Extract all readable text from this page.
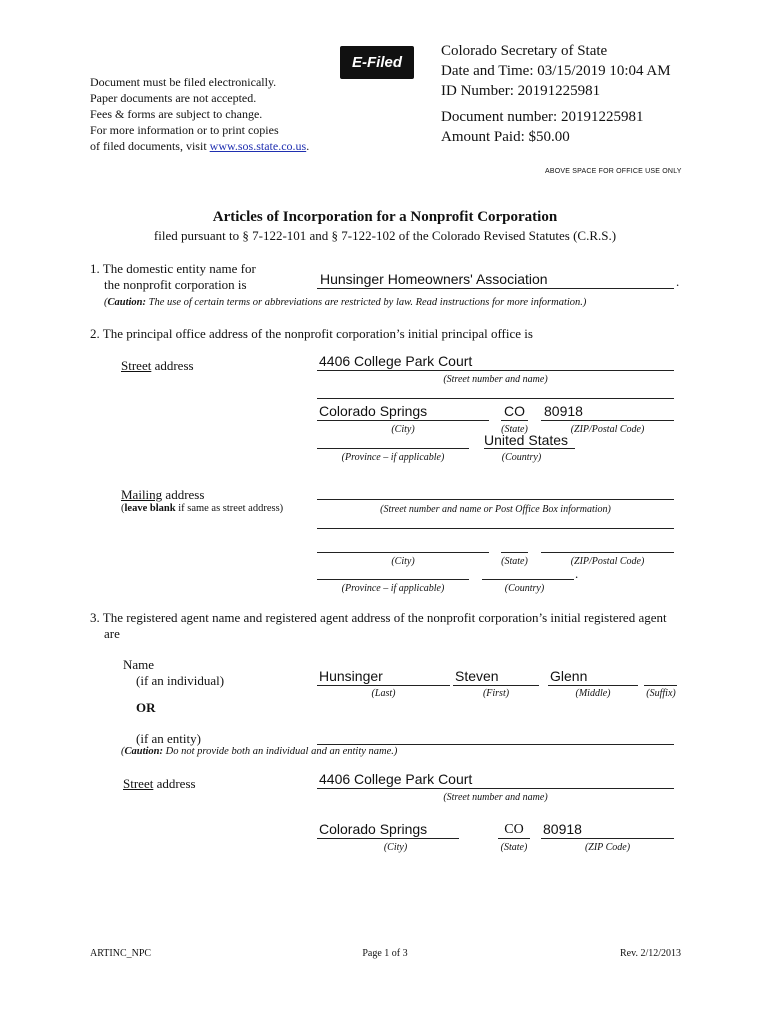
Document must be filed electronically.
Paper documents are not accepted.
Fees & forms are subject to change.
For more information or to print copies
of filed documents, visit www.sos.state.co.us.
E-Filed
Colorado Secretary of State
Date and Time: 03/15/2019 10:04 AM
ID Number: 20191225981
Document number: 20191225981
Amount Paid: $50.00
ABOVE SPACE FOR OFFICE USE ONLY
Articles of Incorporation for a Nonprofit Corporation
filed pursuant to § 7-122-101 and § 7-122-102 of the Colorado Revised Statutes (C.R.S.)
1. The domestic entity name for
the nonprofit corporation is	Hunsinger Homeowners' Association	.
(Caution: The use of certain terms or abbreviations are restricted by law. Read instructions for more information.)
2. The principal office address of the nonprofit corporation’s initial principal office is
Street address	4406 College Park Court
(Street number and name)
Colorado Springs	CO 80918
(City)	(State)	(ZIP/Postal Code)
United States
(Province – if applicable)	(Country)
Mailing address
(leave blank if same as street address)	(Street number and name or Post Office Box information)
(City)	(State)	(ZIP/Postal Code)
.
(Province – if applicable)	(Country)
3. The registered agent name and registered agent address of the nonprofit corporation’s initial registered agent
are
Name
(if an individual)	Hunsinger	Steven	Glenn
(Last)	(First)	(Middle)	(Suffix)
OR
(if an entity)
(Caution: Do not provide both an individual and an entity name.)
Street address	4406 College Park Court
(Street number and name)
Colorado Springs	CO	80918
(City)	(State)	(ZIP Code)
ARTINC_NPC	Page 1 of 3	Rev. 2/12/2013
